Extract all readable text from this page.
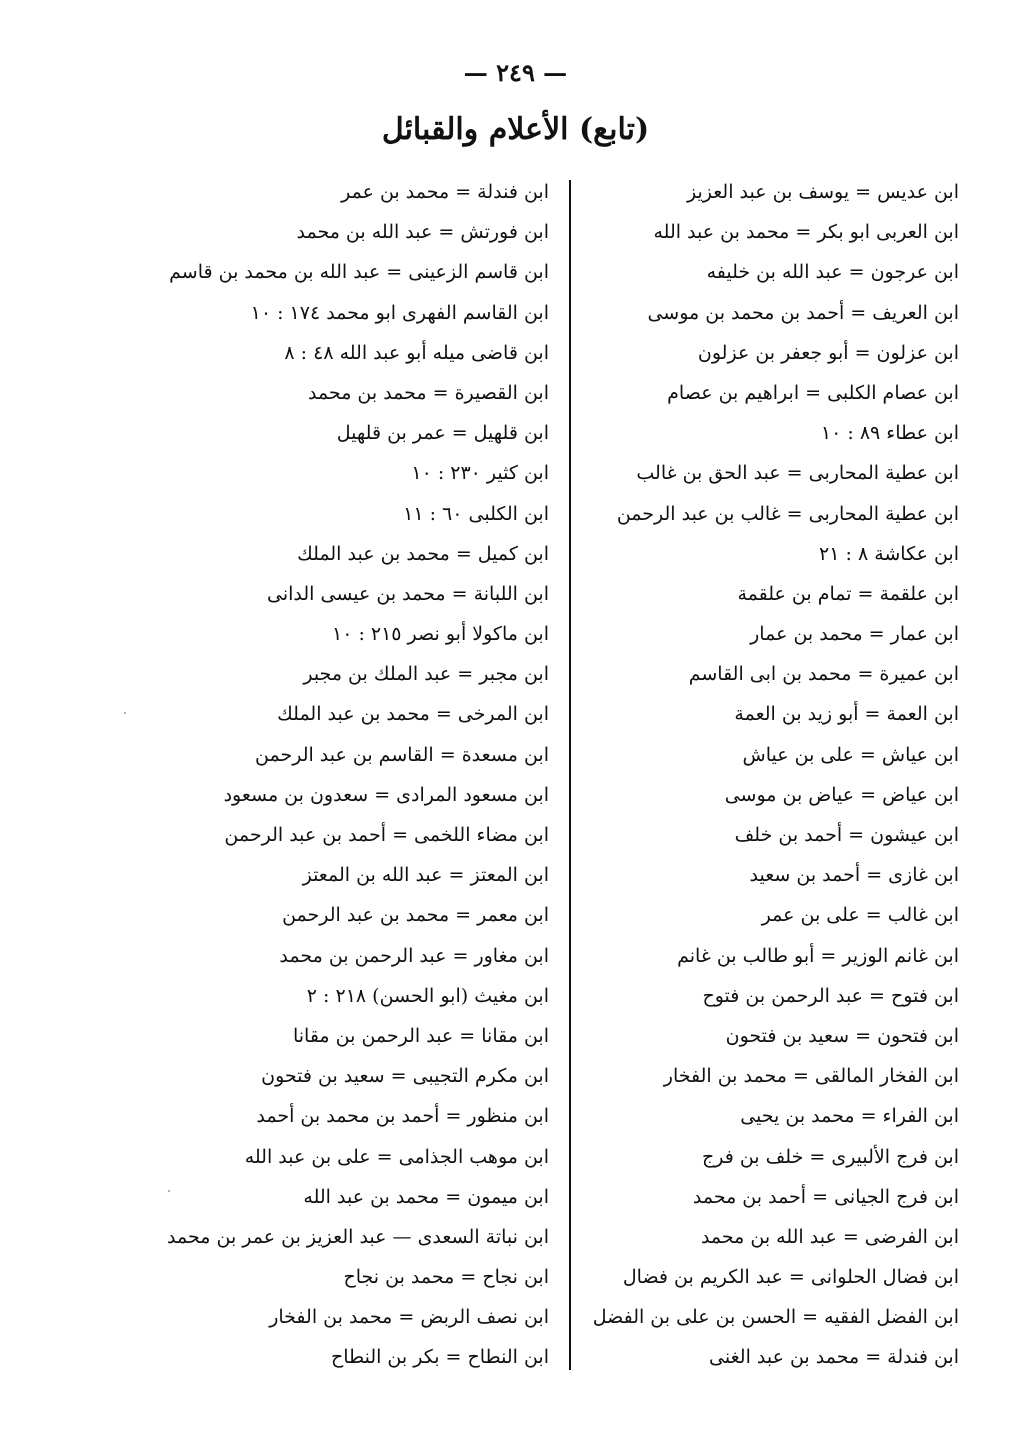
— ٢٤٩ —
(تابع) الأعلام والقبائل
ابن عديس = يوسف بن عبد العزيز
ابن العربى ابو بكر = محمد بن عبد الله
ابن عرجون = عبد الله بن خليفه
ابن العريف = أحمد بن محمد بن موسى
ابن عزلون = أبو جعفر بن عزلون
ابن عصام الكلبى = ابراهيم بن عصام
ابن عطاء ٨٩ : ١٠
ابن عطية المحاربى = عبد الحق بن غالب
ابن عطية المحاربى = غالب بن عبد الرحمن
ابن عكاشة ٨ : ٢١
ابن علقمة = تمام بن علقمة
ابن عمار = محمد بن عمار
ابن عميرة = محمد بن ابى القاسم
ابن العمة = أبو زيد بن العمة
ابن عياش = على بن عياش
ابن عياض = عياض بن موسى
ابن عيشون = أحمد بن خلف
ابن غازى = أحمد بن سعيد
ابن غالب = على بن عمر
ابن غانم الوزير = أبو طالب بن غانم
ابن فتوح = عبد الرحمن بن فتوح
ابن فتحون = سعيد بن فتحون
ابن الفخار المالقى = محمد بن الفخار
ابن الفراء = محمد بن يحيى
ابن فرج الألبيرى = خلف بن فرج
ابن فرج الجيانى = أحمد بن محمد
ابن الفرضى = عبد الله بن محمد
ابن فضال الحلوانى = عبد الكريم بن فضال
ابن الفضل الفقيه = الحسن بن على بن الفضل
ابن فندلة = محمد بن عبد الغنى
ابن فندلة = محمد بن عمر
ابن فورتش = عبد الله بن محمد
ابن قاسم الزعينى = عبد الله بن محمد بن قاسم
ابن القاسم الفهرى ابو محمد ١٧٤ : ١٠
ابن قاضى ميله أبو عبد الله ٤٨ : ٨
ابن القصيرة = محمد بن محمد
ابن قلهيل = عمر بن قلهيل
ابن كثير ٢٣٠ : ١٠
ابن الكلبى ٦٠ : ١١
ابن كميل = محمد بن عبد الملك
ابن اللبانة = محمد بن عيسى الدانى
ابن ماكولا أبو نصر ٢١٥ : ١٠
ابن مجبر = عبد الملك بن مجبر
ابن المرخى = محمد بن عبد الملك
ابن مسعدة = القاسم بن عبد الرحمن
ابن مسعود المرادى = سعدون بن مسعود
ابن مضاء اللخمى = أحمد بن عبد الرحمن
ابن المعتز = عبد الله بن المعتز
ابن معمر = محمد بن عبد الرحمن
ابن مغاور = عبد الرحمن بن محمد
ابن مغيث (ابو الحسن) ٢١٨ : ٢
ابن مقانا = عبد الرحمن بن مقانا
ابن مكرم التجيبى = سعيد بن فتحون
ابن منظور = أحمد بن محمد بن أحمد
ابن موهب الجذامى = على بن عبد الله
ابن ميمون = محمد بن عبد الله
ابن نباتة السعدى — عبد العزيز بن عمر بن محمد
ابن نجاح = محمد بن نجاح
ابن نصف الربض = محمد بن الفخار
ابن النطاح = بكر بن النطاح
